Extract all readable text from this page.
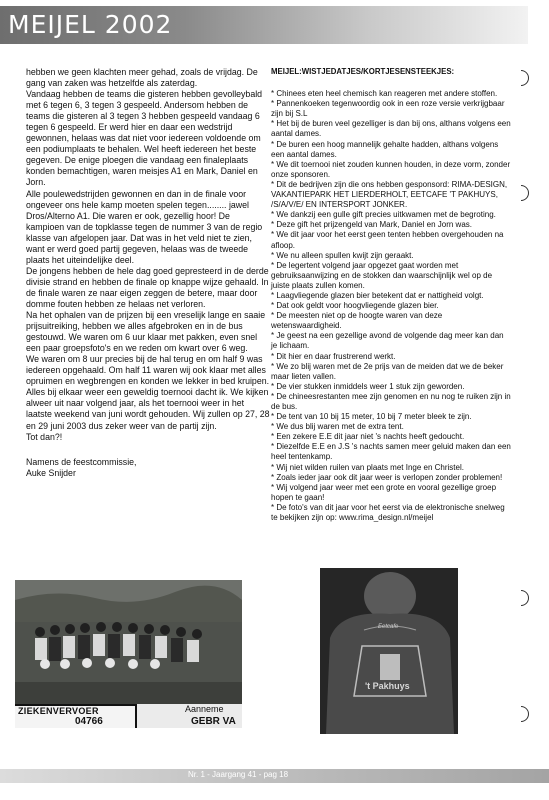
MEIJEL 2002

hebben we geen klachten meer gehad, zoals de vrijdag. De gang van zaken was hetzelfde als zaterdag.

Vandaag hebben de teams die gisteren hebben gevolleybald met 6 tegen 6, 3 tegen 3 gespeeld. Andersom hebben de teams die gisteren al 3 tegen 3 hebben gespeeld vandaag 6 tegen 6 gespeeld. Er werd hier en daar een wedstrijd gewonnen, helaas was dat niet voor iedereen voldoende om een podiumplaats te behalen. Wel heeft iedereen het beste gegeven. De enige ploegen die vandaag een finaleplaats konden bemachtigen, waren meisjes A1 en Mark, Daniel en Jorn.

Alle poulewedstrijden gewonnen en dan in de finale voor ongeveer ons hele kamp moeten spelen tegen........ jawel Dros/Alterno A1. Die waren er ook, gezellig hoor! De kampioen van de topklasse tegen de nummer 3 van de regio klasse van afgelopen jaar. Dat was in het veld niet te zien, want er werd goed partij gegeven, helaas was de tweede plaats het uiteindelijke deel.

De jongens hebben de hele dag goed gepresteerd in de derde divisie strand en hebben de finale op knappe wijze gehaald. In de finale waren ze naar eigen zeggen de betere, maar door domme fouten hebben ze helaas net verloren.

Na het ophalen van de prijzen bij een vreselijk lange en saaie prijsuitreiking, hebben we alles afgebroken en in de bus gestouwd. We waren om 6 uur klaar met pakken, even snel een paar groepsfoto's en we reden om kwart over 6 weg.

We waren om 8 uur precies bij de hal terug en om half 9 was iedereen opgehaald. Om half 11 waren wij ook klaar met alles opruimen en wegbrengen en konden we lekker in bed kruipen.

Alles bij elkaar weer een geweldig toernooi dacht ik. We kijken alweer uit naar volgend jaar, als het toernooi weer in het laatste weekend van juni wordt gehouden. Wij zullen op 27, 28 en 29 juni 2003 dus zeker weer van de partij zijn.

Tot dan?!

Namens de feestcommissie,

Auke Snijder

MEIJEL:WISTJEDATJES/KORTJESENSTEEKJES:

* Chinees eten heel chemisch kan reageren met andere stoffen.

* Pannenkoeken tegenwoordig ook in een roze versie verkrijgbaar zijn bij S.L

* Het bij de buren veel gezelliger is dan bij ons, althans volgens een aantal dames.

* De buren een hoog mannelijk gehalte hadden, althans volgens een aantal dames.

* We dit toernooi niet zouden kunnen houden, in deze vorm, zonder onze sponsoren.

* Dit de bedrijven zijn die ons hebben gesponsord: RIMA-DESIGN, VAKANTIEPARK HET LIERDERHOLT, EETCAFE 'T PAKHUYS, /S/A/V/E/ EN INTERSPORT JONKER.

* We dankzij een gulle gift precies uitkwamen met de begroting.

* Deze gift het prijzengeld van Mark, Daniel en Jorn was.

* We dit jaar voor het eerst geen tenten hebben overgehouden na afloop.

* We nu alleen spullen kwijt zijn geraakt.

* De legertent volgend jaar opgezet gaat worden met gebruiksaanwijzing en de stokken dan waarschijnlijk wel op de juiste plaats zullen komen.

* Laagvliegende glazen bier betekent dat er nattigheid volgt.

* Dat ook geldt voor hoogvliegende glazen bier.

* De meesten niet op de hoogte waren van deze wetenswaardigheid.

* Je geest na een gezellige avond de volgende dag meer kan dan je lichaam.

* Dit hier en daar frustrerend werkt.

* We zo blij waren met de 2e prijs van de meiden dat we de beker maar lieten vallen.

* De vier stukken inmiddels weer 1 stuk zijn geworden.

* De chineesrestanten mee zijn genomen en nu nog te ruiken zijn in de bus.

* De tent van 10 bij 15 meter, 10 bij 7 meter bleek te zijn.

* We dus blij waren met de extra tent.

* Een zekere E.E dit jaar niet 's nachts heeft gedoucht.

* Diezelfde E.E en J.S 's nachts samen meer geluid maken dan een heel tentenkamp.

* Wij niet wilden ruilen van plaats met Inge en Christel.

* Zoals ieder jaar ook dit jaar weer is verlopen zonder problemen!

* Wij volgend jaar weer met een grote en vooral gezellige groep hopen te gaan!

* De foto's van dit jaar voor het eerst via de elektronische snelweg te bekijken zijn op: www.rima_design.nl/meijel

ZIEKENVERVOER
04766
Aanneme
GEBR VA
Eetcafe
't Pakhuys
Nr. 1 - Jaargang 41 - pag 18
